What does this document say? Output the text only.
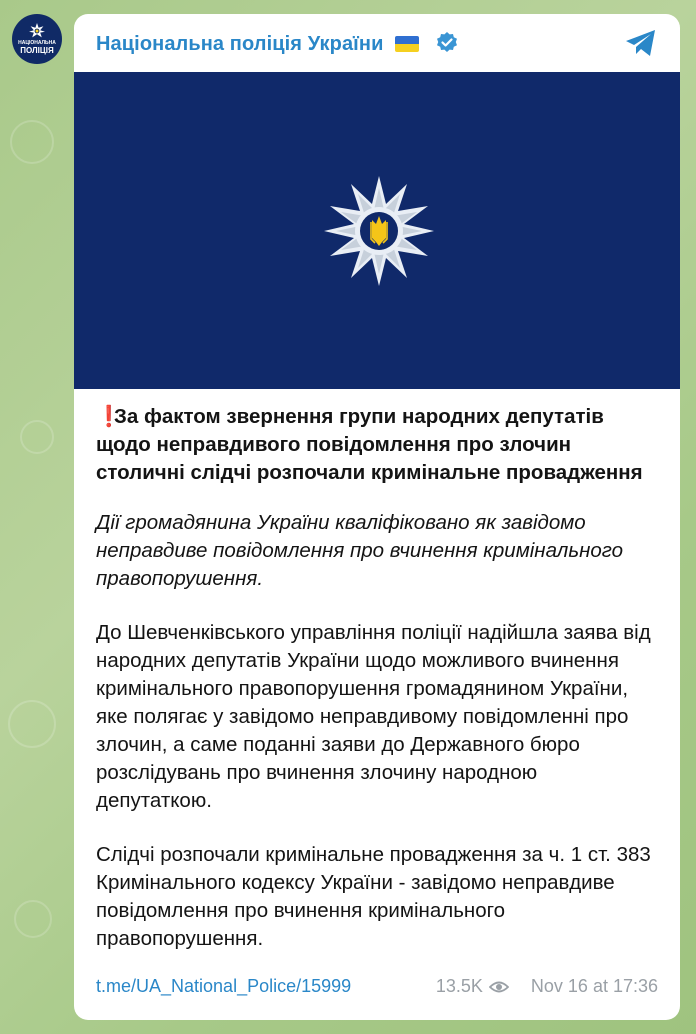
НАЦІОНАЛЬНА
ПОЛІЦІЯ Національна поліція України

❗За фактом звернення групи народних депутатів щодо неправдивого повідомлення про злочин столичні слідчі розпочали кримінальне провадження

Дії громадянина України кваліфіковано як завідомо неправдиве повідомлення про вчинення кримінального правопорушення.

До Шевченківського управління поліції надійшла заява від народних депутатів України щодо можливого вчинення кримінального правопорушення громадянином України, яке полягає у завідомо неправдивому повідомленні про злочин, а саме поданні заяви до Державного бюро розслідувань про вчинення злочину народною депутаткою.

Слідчі розпочали кримінальне провадження за ч. 1 ст. 383 Кримінального кодексу України - завідомо неправдиве повідомлення про вчинення кримінального правопорушення.

t.me/UA_National_Police/15999	13.5K	Nov 16 at 17:36
